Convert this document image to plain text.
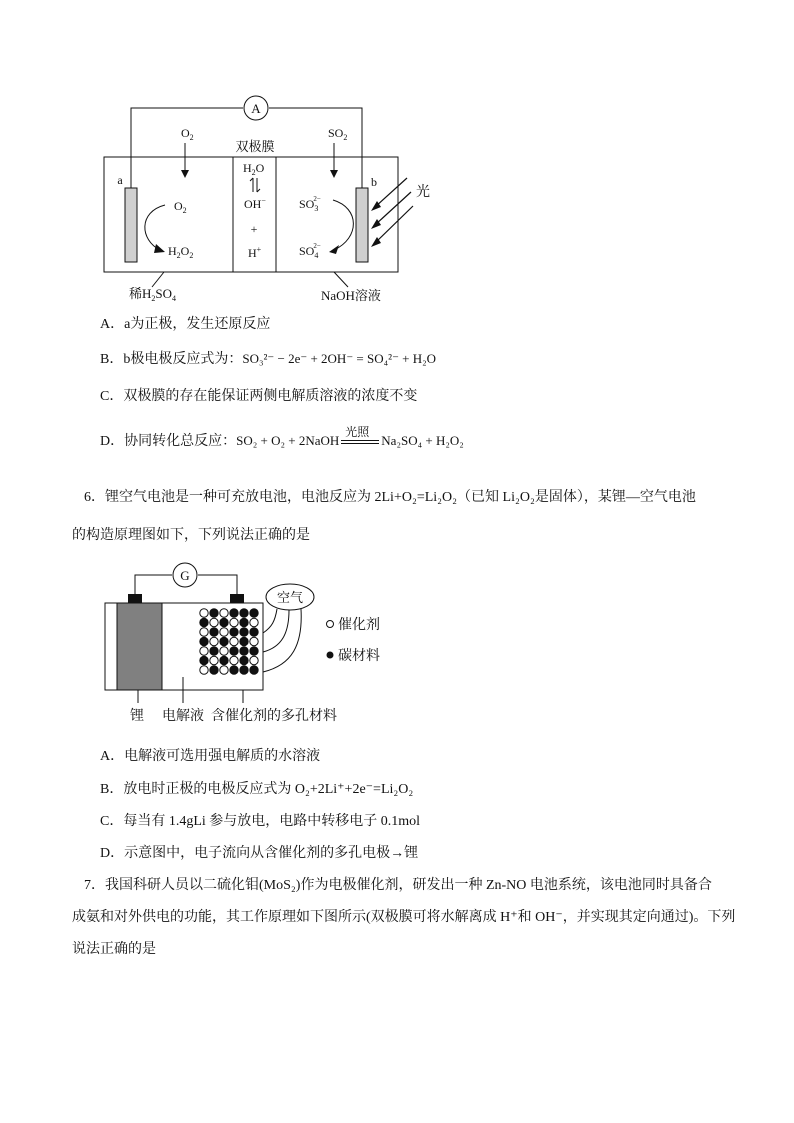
A
双极膜
a	b
$O_2$	$SO_2$
$H_2O$
OH−
+
H+
$O_2$
$H_2O_2$
$SO_32-$
$SO_42-$
光
稀$H_2SO_4$	NaOH溶液
A．a为正极，发生还原反应
B．b极电极反应式为：SO₃²⁻ − 2e⁻ + 2OH⁻ = SO₄²⁻ + H₂O
C．双极膜的存在能保证两侧电解质溶液的浓度不变
D．协同转化总反应：SO₂ + O₂ + 2NaOH
光照
Na₂SO₄ + H₂O₂
6．锂空气电池是一种可充放电池，电池反应为 2Li+O₂=Li₂O₂（已知 Li₂O₂是固体），某锂—空气电池
的构造原理图如下，下列说法正确的是
G
空气
锂 电解液 含催化剂的多孔材料
催化剂
碳材料
A．电解液可选用强电解质的水溶液
B．放电时正极的电极反应式为 O₂+2Li⁺+2e⁻=Li₂O₂
C．每当有 1.4gLi 参与放电，电路中转移电子 0.1mol
D．示意图中，电子流向从含催化剂的多孔电极→锂
7．我国科研人员以二硫化钼(MoS₂)作为电极催化剂，研发出一种 Zn-NO 电池系统，该电池同时具备合
成氨和对外供电的功能，其工作原理如下图所示(双极膜可将水解离成 H⁺和 OH⁻，并实现其定向通过)。下列
说法正确的是
